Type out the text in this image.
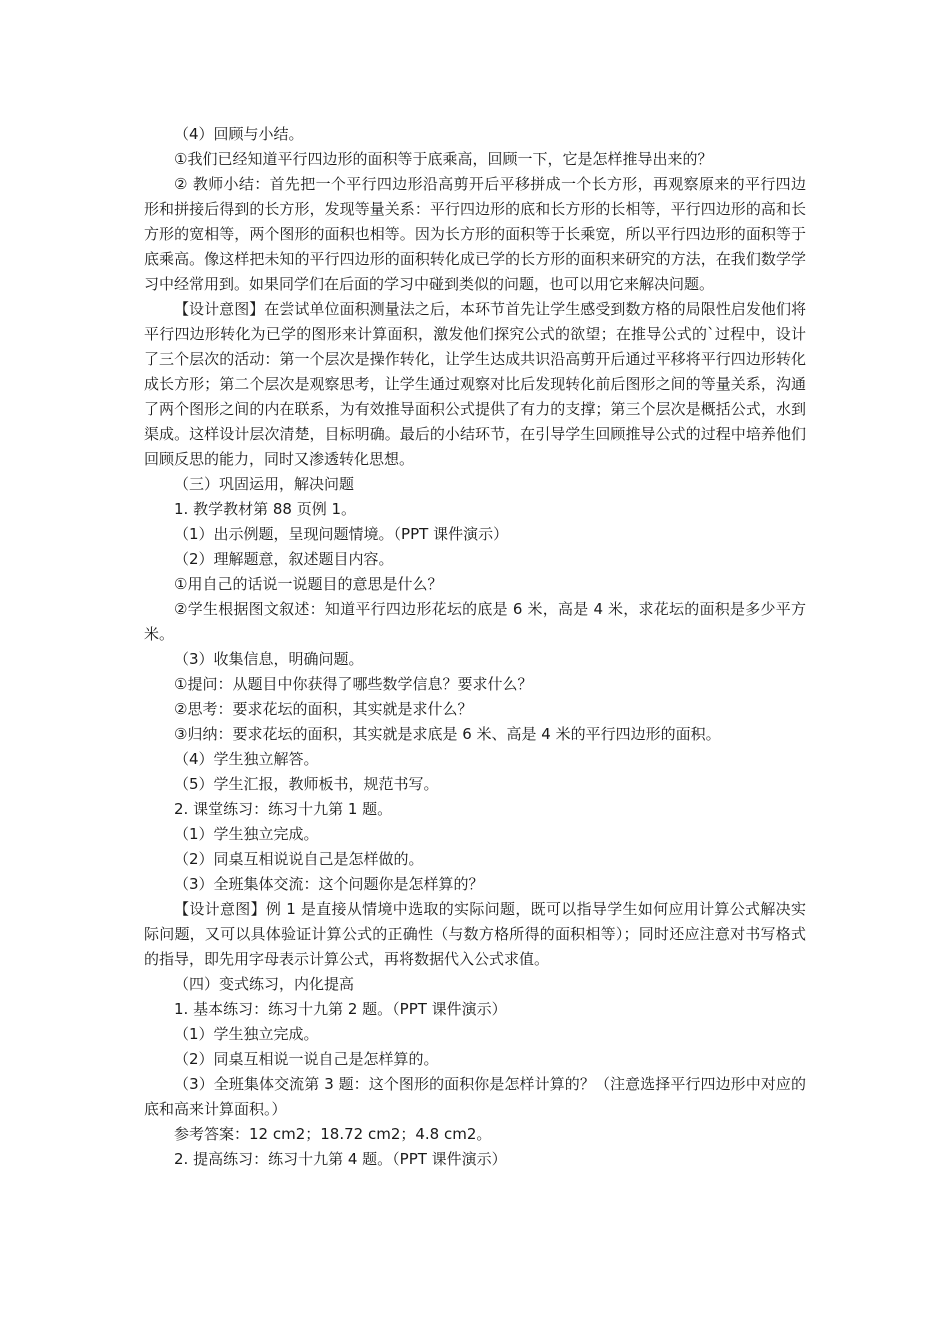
（4）回顾与小结。

①我们已经知道平行四边形的面积等于底乘高，回顾一下，它是怎样推导出来的？

② 教师小结：首先把一个平行四边形沿高剪开后平移拼成一个长方形，再观察原来的平行四边形和拼接后得到的长方形，发现等量关系：平行四边形的底和长方形的长相等，平行四边形的高和长方形的宽相等，两个图形的面积也相等。因为长方形的面积等于长乘宽，所以平行四边形的面积等于底乘高。像这样把未知的平行四边形的面积转化成已学的长方形的面积来研究的方法，在我们数学学习中经常用到。如果同学们在后面的学习中碰到类似的问题，也可以用它来解决问题。

【设计意图】在尝试单位面积测量法之后，本环节首先让学生感受到数方格的局限性启发他们将平行四边形转化为已学的图形来计算面积，激发他们探究公式的欲望；在推导公式的`过程中，设计了三个层次的活动：第一个层次是操作转化，让学生达成共识沿高剪开后通过平移将平行四边形转化成长方形；第二个层次是观察思考，让学生通过观察对比后发现转化前后图形之间的等量关系，沟通了两个图形之间的内在联系，为有效推导面积公式提供了有力的支撑；第三个层次是概括公式，水到渠成。这样设计层次清楚，目标明确。最后的小结环节，在引导学生回顾推导公式的过程中培养他们回顾反思的能力，同时又渗透转化思想。

（三）巩固运用，解决问题

1. 教学教材第 88 页例 1。

（1）出示例题，呈现问题情境。（PPT 课件演示）

（2）理解题意，叙述题目内容。

①用自己的话说一说题目的意思是什么？

②学生根据图文叙述：知道平行四边形花坛的底是 6 米，高是 4 米，求花坛的面积是多少平方米。

（3）收集信息，明确问题。

①提问：从题目中你获得了哪些数学信息？要求什么？

②思考：要求花坛的面积，其实就是求什么？

③归纳：要求花坛的面积，其实就是求底是 6 米、高是 4 米的平行四边形的面积。

（4）学生独立解答。

（5）学生汇报，教师板书，规范书写。

2. 课堂练习：练习十九第 1 题。

（1）学生独立完成。

（2）同桌互相说说自己是怎样做的。

（3）全班集体交流：这个问题你是怎样算的？

【设计意图】例 1 是直接从情境中选取的实际问题，既可以指导学生如何应用计算公式解决实际问题，又可以具体验证计算公式的正确性（与数方格所得的面积相等）；同时还应注意对书写格式的指导，即先用字母表示计算公式，再将数据代入公式求值。

（四）变式练习，内化提高

1. 基本练习：练习十九第 2 题。（PPT 课件演示）

（1）学生独立完成。

（2）同桌互相说一说自己是怎样算的。

（3）全班集体交流第 3 题：这个图形的面积你是怎样计算的？（注意选择平行四边形中对应的底和高来计算面积。）

参考答案：12 cm2；18.72 cm2；4.8 cm2。

2. 提高练习：练习十九第 4 题。（PPT 课件演示）
